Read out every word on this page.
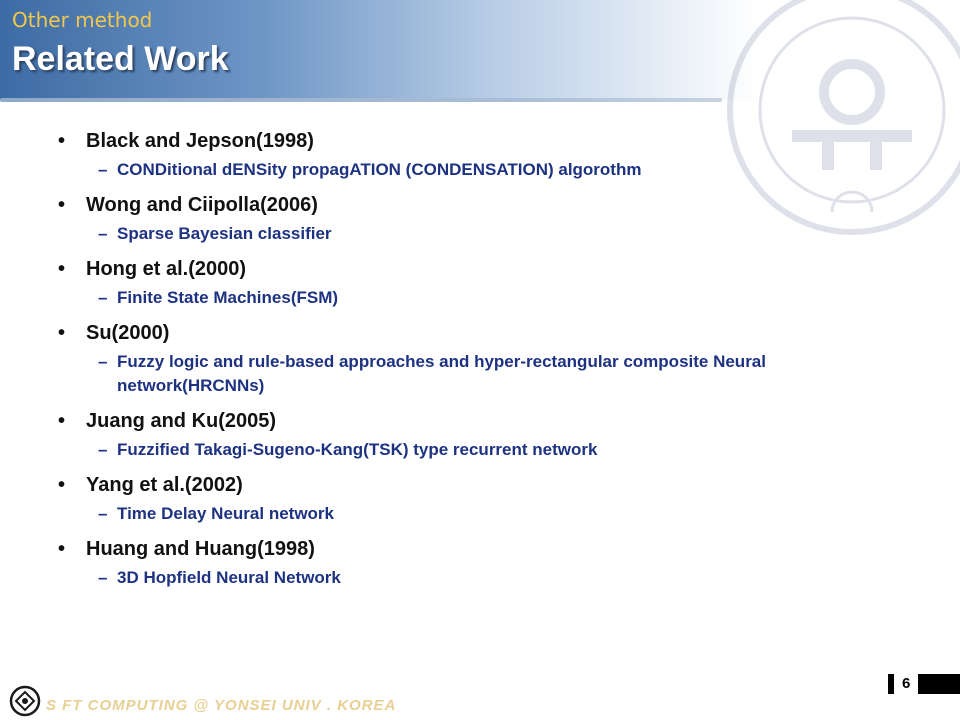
Other method
Related Work

• Black and Jepson(1998)

– CONDitional dENSity propagATION (CONDENSATION) algorothm

• Wong and Ciipolla(2006)

– Sparse Bayesian classifier

• Hong et al.(2000)

– Finite State Machines(FSM)

• Su(2000)

– Fuzzy logic and rule-based approaches and hyper-rectangular composite Neural network(HRCNNs)

• Juang and Ku(2005)

– Fuzzified Takagi-Sugeno-Kang(TSK) type recurrent network

• Yang et al.(2002)

– Time Delay Neural network

• Huang and Huang(1998)

– 3D Hopfield Neural Network

S FT COMPUTING @ YONSEI UNIV . KOREA
6
